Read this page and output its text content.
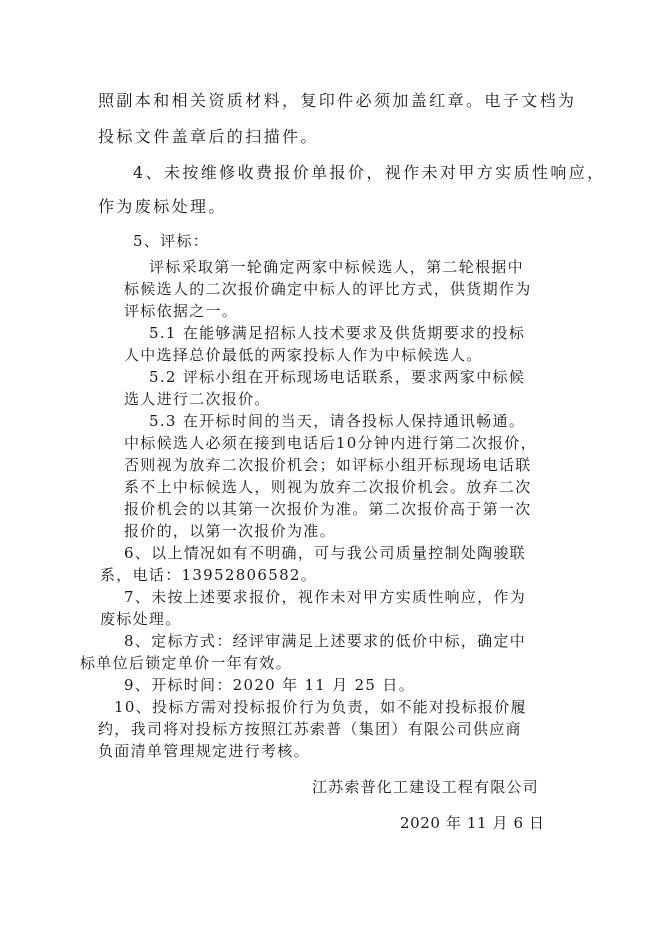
照副本和相关资质材料，复印件必须加盖红章。电子文档为
投标文件盖章后的扫描件。
4、未按维修收费报价单报价，视作未对甲方实质性响应，
作为废标处理。
5、评标：
评标采取第一轮确定两家中标候选人，第二轮根据中
标候选人的二次报价确定中标人的评比方式，供货期作为
评标依据之一。
5.1 在能够满足招标人技术要求及供货期要求的投标
人中选择总价最低的两家投标人作为中标候选人。
5.2 评标小组在开标现场电话联系，要求两家中标候
选人进行二次报价。
5.3 在开标时间的当天，请各投标人保持通讯畅通。
中标候选人必须在接到电话后10分钟内进行第二次报价，
否则视为放弃二次报价机会；如评标小组开标现场电话联
系不上中标候选人，则视为放弃二次报价机会。放弃二次
报价机会的以其第一次报价为准。第二次报价高于第一次
报价的，以第一次报价为准。
6、以上情况如有不明确，可与我公司质量控制处陶骏联
系，电话：13952806582。
7、未按上述要求报价，视作未对甲方实质性响应，作为
废标处理。
8、定标方式：经评审满足上述要求的低价中标，确定中
标单位后锁定单价一年有效。
9、开标时间：2020 年 11 月 25 日。
10、投标方需对投标报价行为负责，如不能对投标报价履
约，我司将对投标方按照江苏索普（集团）有限公司供应商
负面清单管理规定进行考核。
江苏索普化工建设工程有限公司
2020 年 11 月 6 日
